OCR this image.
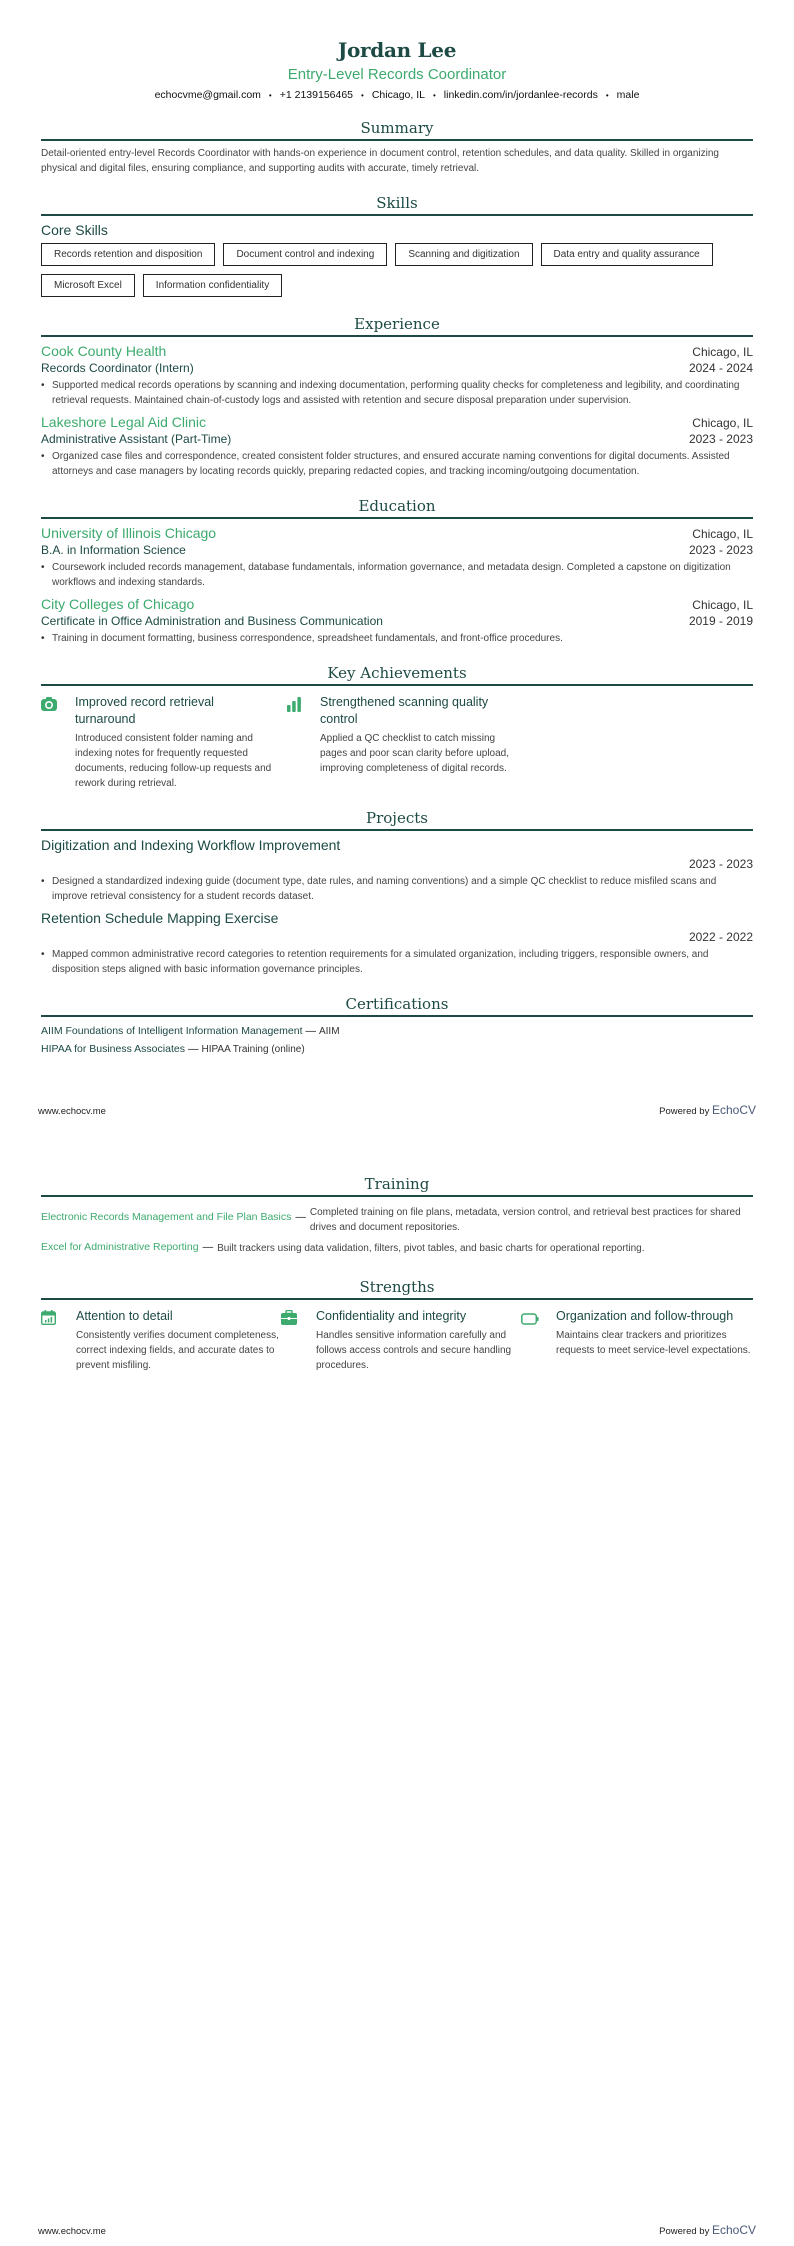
Jordan Lee
Entry-Level Records Coordinator
echocvme@gmail.com • +1 2139156465 • Chicago, IL • linkedin.com/in/jordanlee-records • male
Summary
Detail-oriented entry-level Records Coordinator with hands-on experience in document control, retention schedules, and data quality. Skilled in organizing physical and digital files, ensuring compliance, and supporting audits with accurate, timely retrieval.
Skills
Core Skills
Records retention and disposition	Document control and indexing	Scanning and digitization	Data entry and quality assurance
Microsoft Excel	Information confidentiality
Experience
Cook County Health	Chicago, IL
Records Coordinator (Intern)	2024 - 2024
• Supported medical records operations by scanning and indexing documentation, performing quality checks for completeness and legibility, and coordinating retrieval requests. Maintained chain-of-custody logs and assisted with retention and secure disposal preparation under supervision.
Lakeshore Legal Aid Clinic	Chicago, IL
Administrative Assistant (Part-Time)	2023 - 2023
• Organized case files and correspondence, created consistent folder structures, and ensured accurate naming conventions for digital documents. Assisted attorneys and case managers by locating records quickly, preparing redacted copies, and tracking incoming/outgoing documentation.
Education
University of Illinois Chicago	Chicago, IL
B.A. in Information Science	2023 - 2023
• Coursework included records management, database fundamentals, information governance, and metadata design. Completed a capstone on digitization workflows and indexing standards.
City Colleges of Chicago	Chicago, IL
Certificate in Office Administration and Business Communication	2019 - 2019
• Training in document formatting, business correspondence, spreadsheet fundamentals, and front-office procedures.
Key Achievements
Improved record retrieval turnaround
Introduced consistent folder naming and indexing notes for frequently requested documents, reducing follow-up requests and rework during retrieval.
Strengthened scanning quality control
Applied a QC checklist to catch missing pages and poor scan clarity before upload, improving completeness of digital records.
Projects
Digitization and Indexing Workflow Improvement
2023 - 2023
• Designed a standardized indexing guide (document type, date rules, and naming conventions) and a simple QC checklist to reduce misfiled scans and improve retrieval consistency for a student records dataset.
Retention Schedule Mapping Exercise
2022 - 2022
• Mapped common administrative record categories to retention requirements for a simulated organization, including triggers, responsible owners, and disposition steps aligned with basic information governance principles.
Certifications
AIIM Foundations of Intelligent Information Management — AIIM
HIPAA for Business Associates — HIPAA Training (online)
www.echocv.me	Powered by EchoCV
Training
Electronic Records Management and File Plan Basics — Completed training on file plans, metadata, version control, and retrieval best practices for shared drives and document repositories.
Excel for Administrative Reporting — Built trackers using data validation, filters, pivot tables, and basic charts for operational reporting.
Strengths
Attention to detail
Consistently verifies document completeness, correct indexing fields, and accurate dates to prevent misfiling.
Confidentiality and integrity
Handles sensitive information carefully and follows access controls and secure handling procedures.
Organization and follow-through
Maintains clear trackers and prioritizes requests to meet service-level expectations.
www.echocv.me	Powered by EchoCV
